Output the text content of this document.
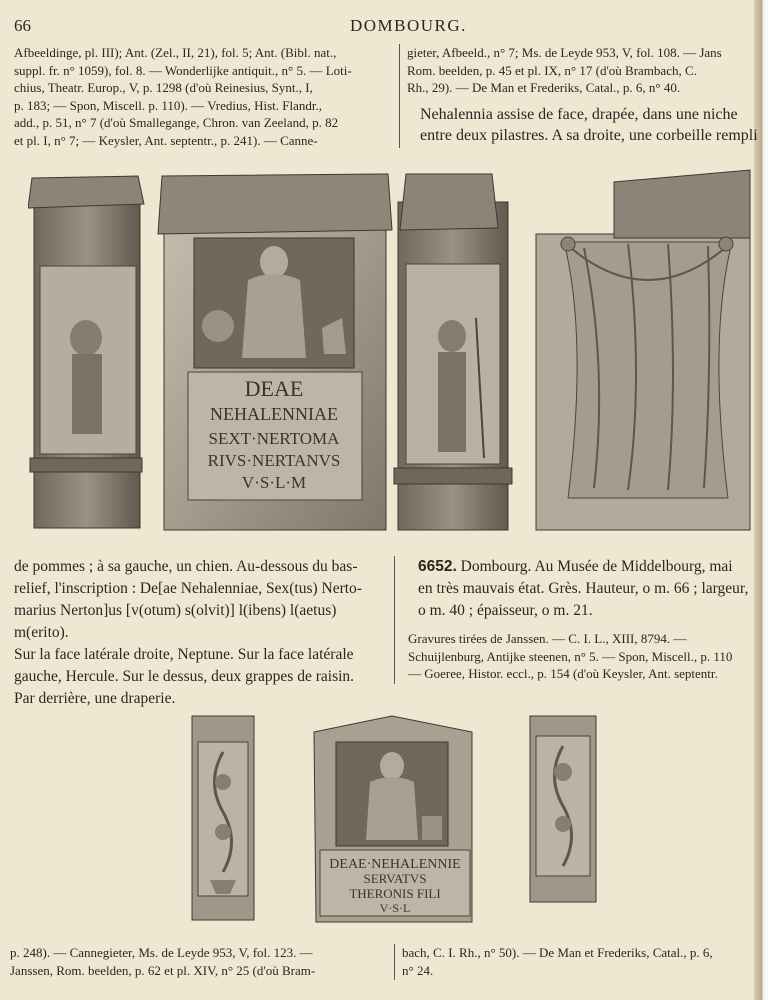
66	DOMBOURG.

Afbeeldinge, pl. III); Ant. (Zel., II, 21), fol. 5; Ant. (Bibl. nat.,

suppl. fr. n° 1059), fol. 8. — Wonderlijke antiquit., n° 5. — Loti-

chius, Theatr. Europ., V, p. 1298 (d'où Reinesius, Synt., I,

p. 183; — Spon, Miscell. p. 110). — Vredius, Hist. Flandr.,

add., p. 51, n° 7 (d'où Smallegange, Chron. van Zeeland, p. 82

et pl. I, n° 7; — Keysler, Ant. septentr., p. 241). — Canne-

gieter, Afbeeld., n° 7; Ms. de Leyde 953, V, fol. 108. — Jans

Rom. beelden, p. 45 et pl. IX, n° 17 (d'où Brambach, C.

Rh., 29). — De Man et Frederiks, Catal., p. 6, n° 40.

Nehalennia assise de face, drapée, dans une niche

entre deux pilastres. A sa droite, une corbeille rempli

DEAE
NEHALENNIAE
SEXT·NERTOMA
RIVS·NERTANVS
V·S·L·M

de pommes ; à sa gauche, un chien. Au-dessous du bas-

relief, l'inscription : De[ae Nehalenniae, Sex(tus) Nerto-

marius Nerton]us [v(otum) s(olvit)] l(ibens) l(aetus) m(erito).

Sur la face latérale droite, Neptune. Sur la face latérale

gauche, Hercule. Sur le dessus, deux grappes de raisin.

Par derrière, une draperie.

6652. Dombourg. Au Musée de Middelbourg, mai

en très mauvais état. Grès. Hauteur, o m. 66 ; largeur,

o m. 40 ; épaisseur, o m. 21.

Gravures tirées de Janssen. — C. I. L., XIII, 8794. —

Schuijlenburg, Antijke steenen, n° 5. — Spon, Miscell., p. 110

— Goeree, Histor. eccl., p. 154 (d'où Keysler, Ant. septentr.

DEAE·NEHALENNIE
SERVATVS
THERONIS FILI
V·S·L

p. 248). — Cannegieter, Ms. de Leyde 953, V, fol. 123. —

Janssen, Rom. beelden, p. 62 et pl. XIV, n° 25 (d'où Bram-

bach, C. I. Rh., n° 50). — De Man et Frederiks, Catal., p. 6,

n° 24.
